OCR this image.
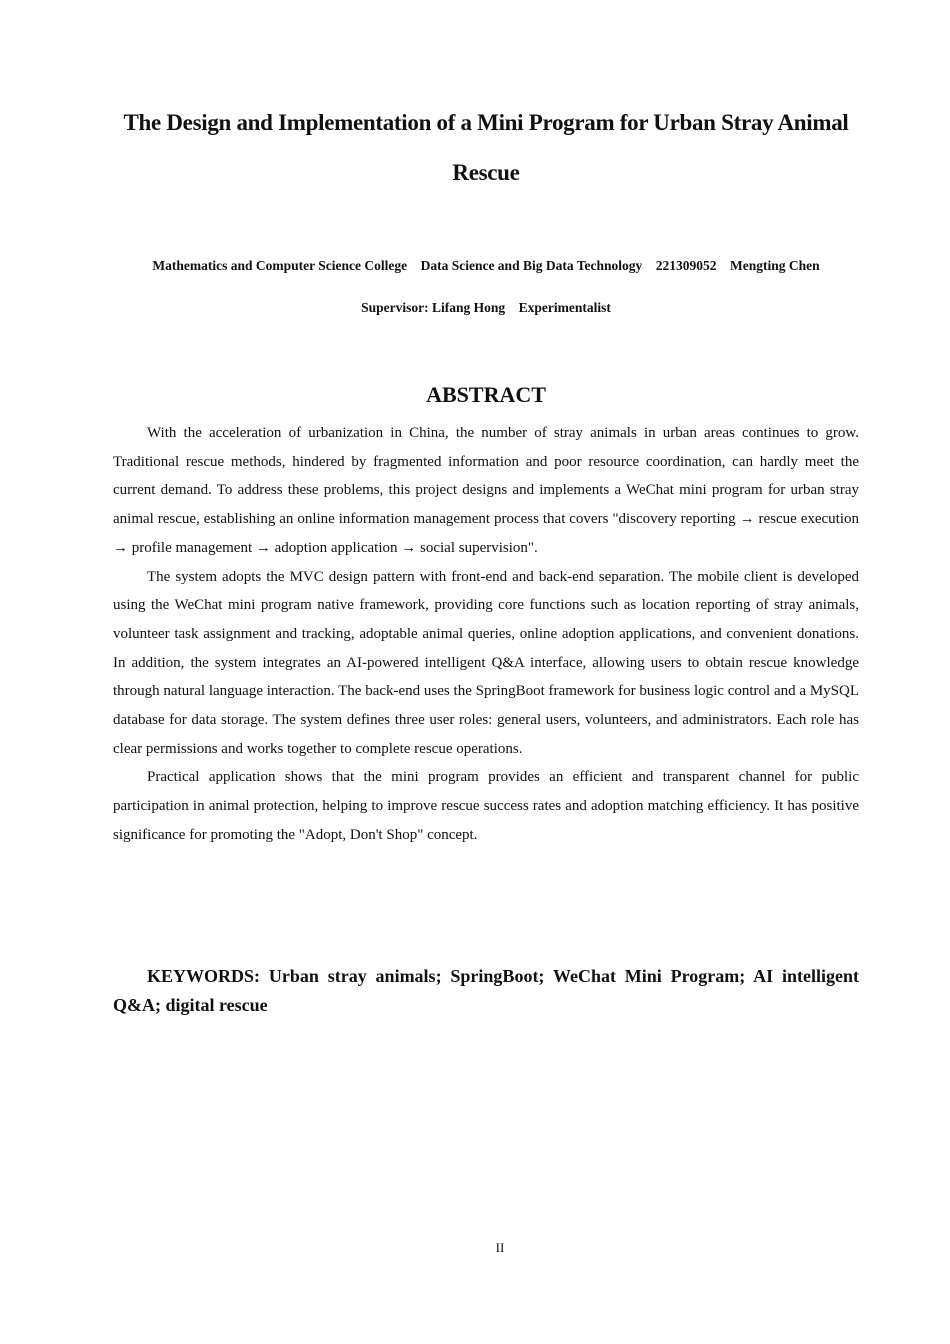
The Design and Implementation of a Mini Program for Urban Stray Animal Rescue
Mathematics and Computer Science College    Data Science and Big Data Technology    221309052    Mengting Chen
Supervisor: Lifang Hong    Experimentalist
ABSTRACT

With the acceleration of urbanization in China, the number of stray animals in urban areas continues to grow. Traditional rescue methods, hindered by fragmented information and poor resource coordination, can hardly meet the current demand. To address these problems, this project designs and implements a WeChat mini program for urban stray animal rescue, establishing an online information management process that covers "discovery reporting → rescue execution → profile management → adoption application → social supervision".

The system adopts the MVC design pattern with front-end and back-end separation. The mobile client is developed using the WeChat mini program native framework, providing core functions such as location reporting of stray animals, volunteer task assignment and tracking, adoptable animal queries, online adoption applications, and convenient donations. In addition, the system integrates an AI-powered intelligent Q&A interface, allowing users to obtain rescue knowledge through natural language interaction. The back-end uses the SpringBoot framework for business logic control and a MySQL database for data storage. The system defines three user roles: general users, volunteers, and administrators. Each role has clear permissions and works together to complete rescue operations.

Practical application shows that the mini program provides an efficient and transparent channel for public participation in animal protection, helping to improve rescue success rates and adoption matching efficiency. It has positive significance for promoting the "Adopt, Don't Shop" concept.

KEYWORDS: Urban stray animals; SpringBoot; WeChat Mini Program; AI intelligent Q&A; digital rescue

II
